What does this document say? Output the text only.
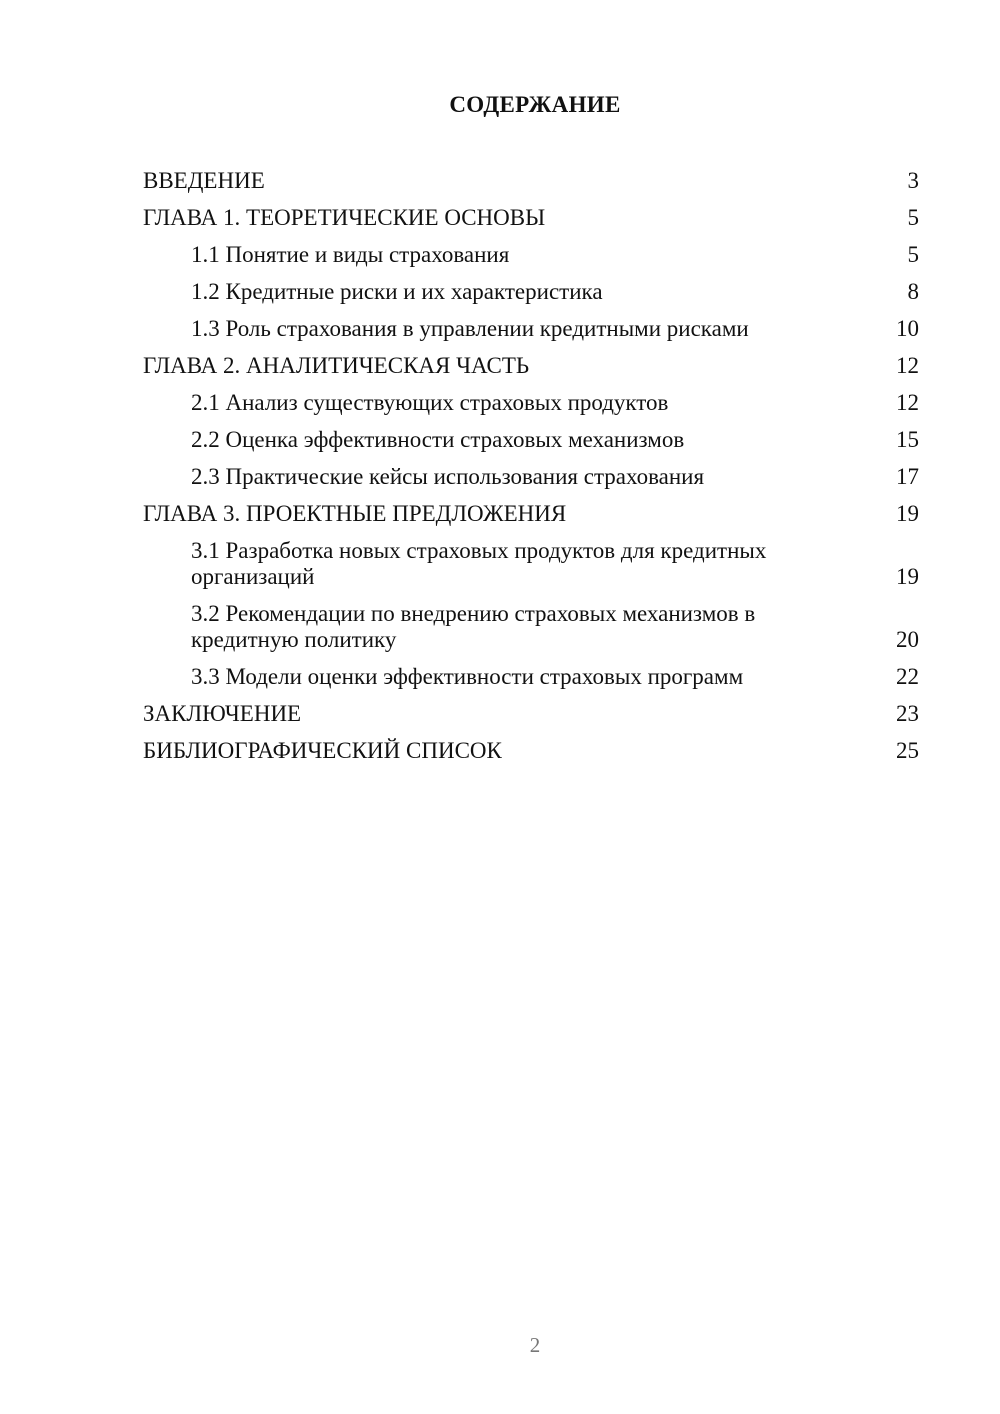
СОДЕРЖАНИЕ
ВВЕДЕНИЕ	3
ГЛАВА 1. ТЕОРЕТИЧЕСКИЕ ОСНОВЫ	5
1.1 Понятие и виды страхования	5
1.2 Кредитные риски и их характеристика	8
1.3 Роль страхования в управлении кредитными рисками	10
ГЛАВА 2. АНАЛИТИЧЕСКАЯ ЧАСТЬ	12
2.1 Анализ существующих страховых продуктов	12
2.2 Оценка эффективности страховых механизмов	15
2.3 Практические кейсы использования страхования	17
ГЛАВА 3. ПРОЕКТНЫЕ ПРЕДЛОЖЕНИЯ	19
3.1 Разработка новых страховых продуктов для кредитных организаций	19
3.2 Рекомендации по внедрению страховых механизмов в кредитную политику	20
3.3 Модели оценки эффективности страховых программ	22
ЗАКЛЮЧЕНИЕ	23
БИБЛИОГРАФИЧЕСКИЙ СПИСОК	25
2
